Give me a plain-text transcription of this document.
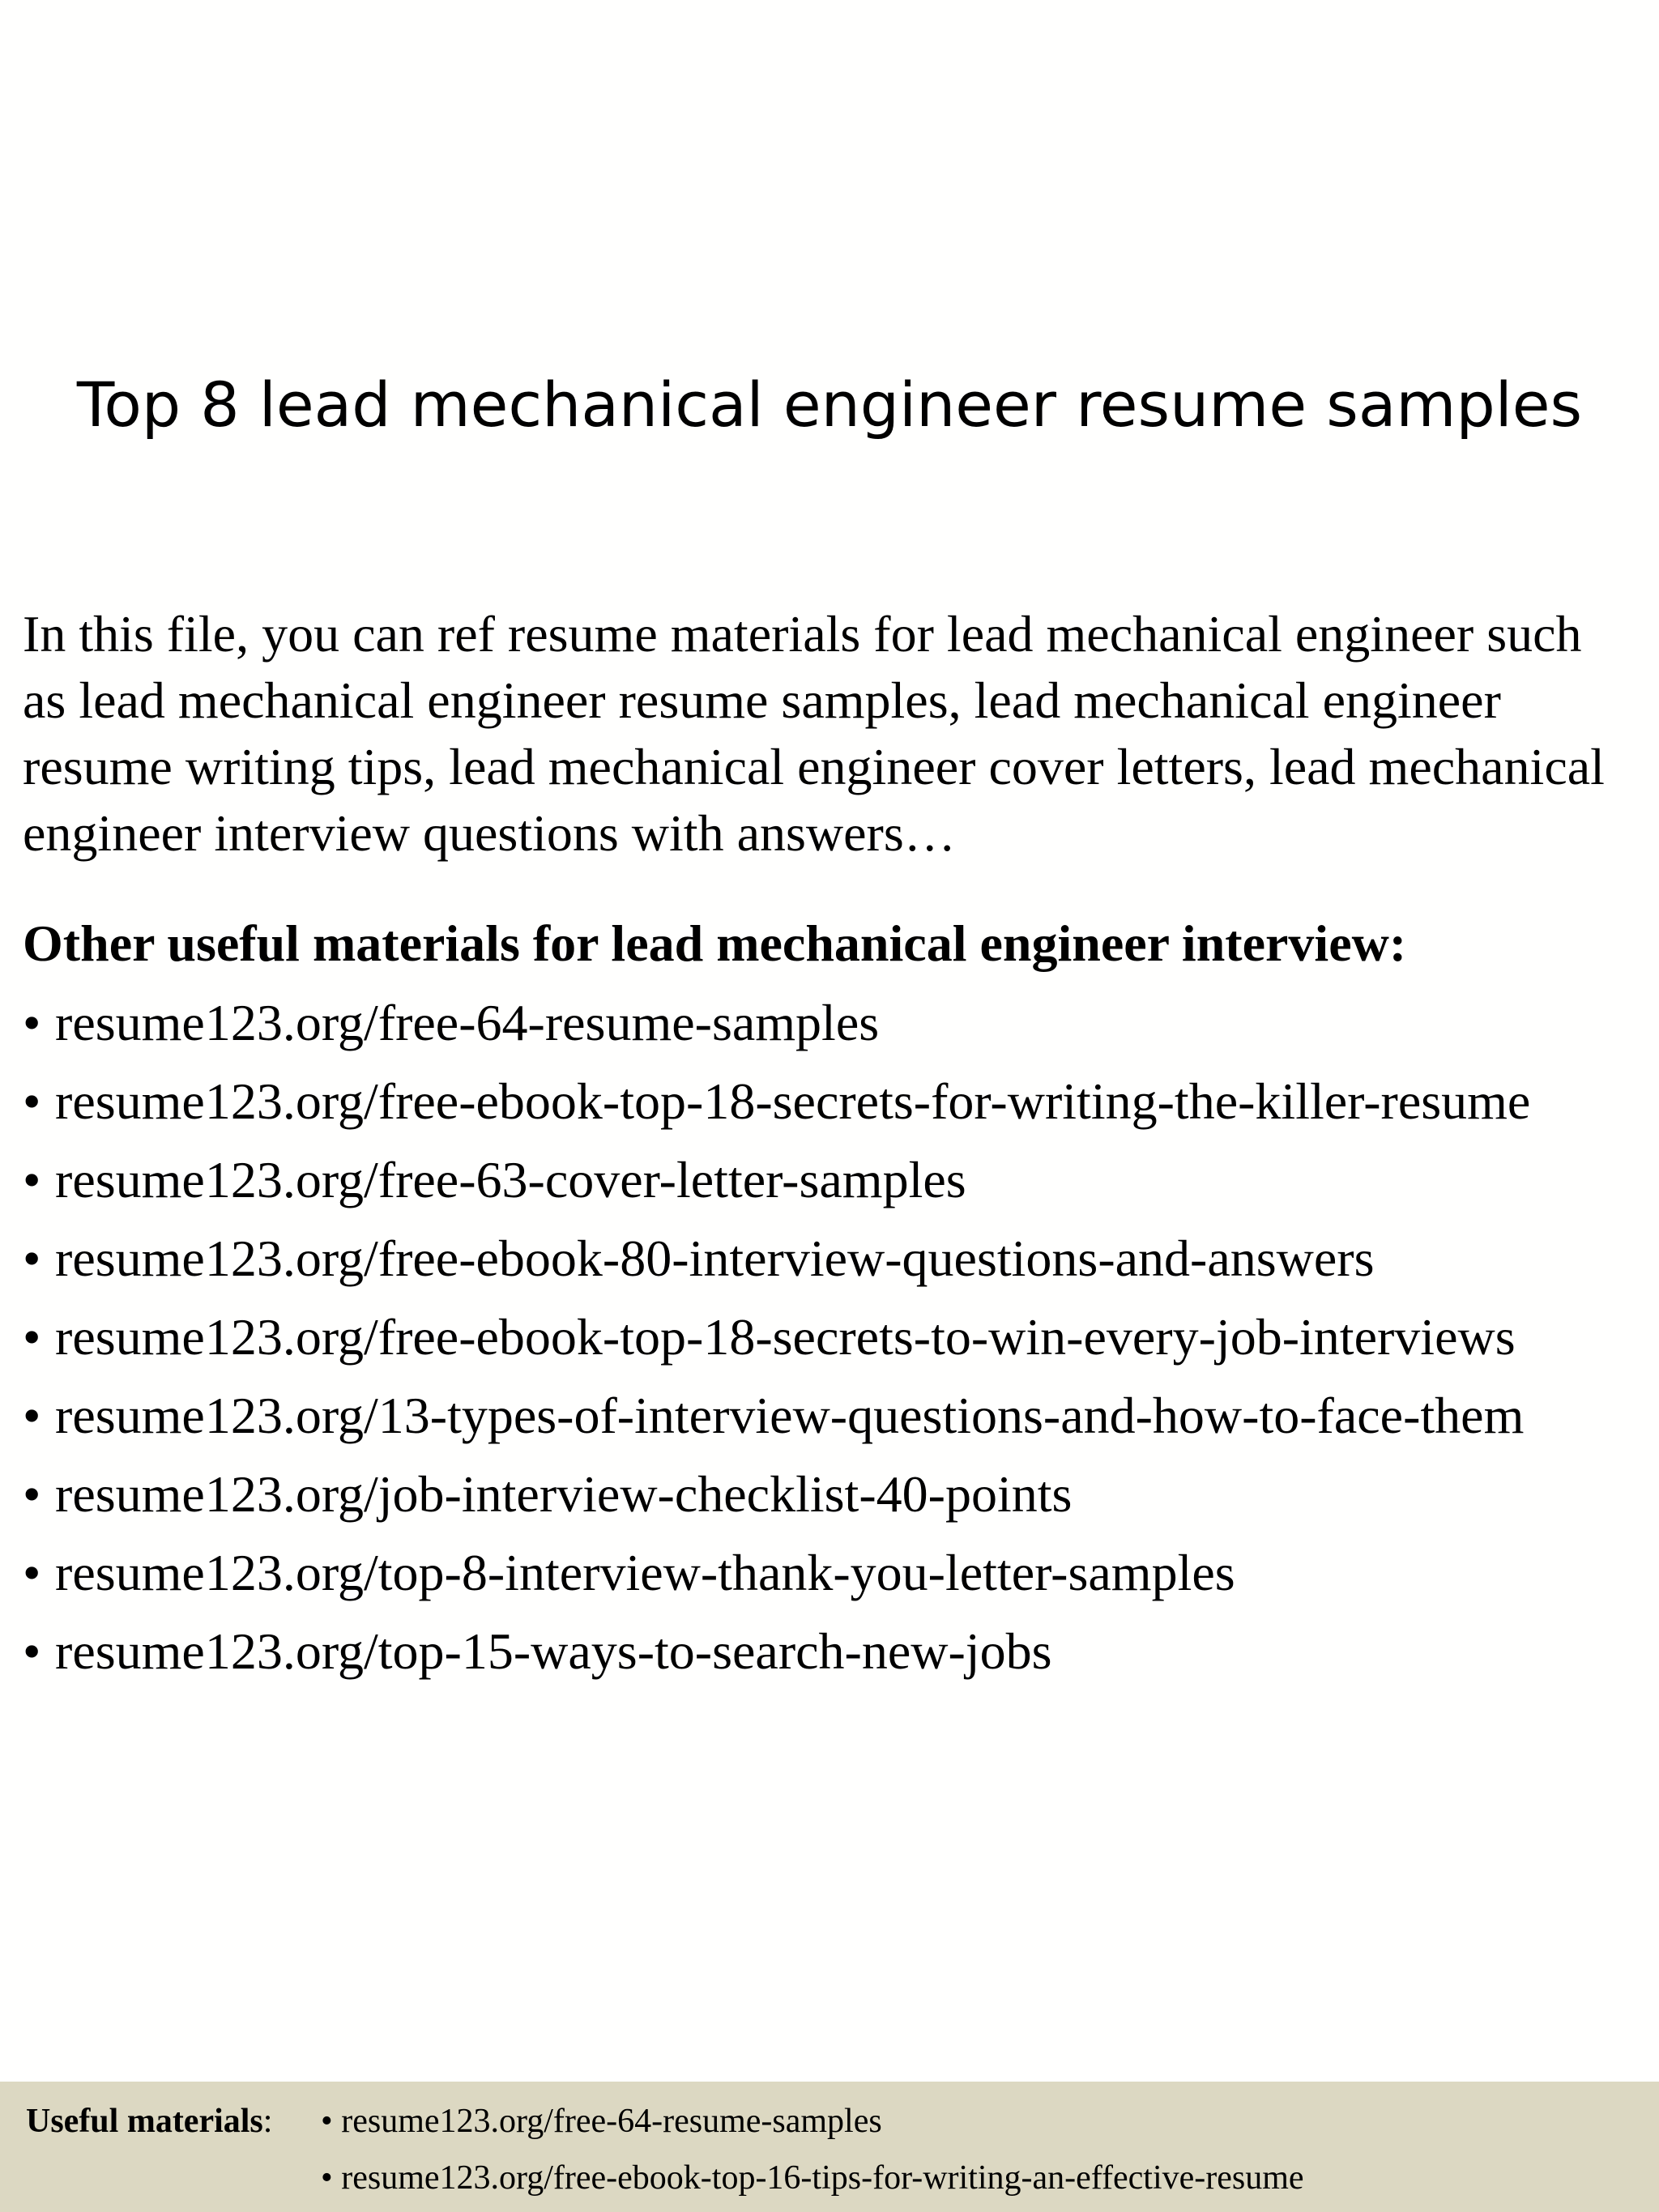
Top 8 lead mechanical engineer resume samples

In this file, you can ref resume materials for lead mechanical engineer such as lead mechanical engineer resume samples, lead mechanical engineer resume writing tips, lead mechanical engineer cover letters, lead mechanical engineer interview questions with answers…

Other useful materials for lead mechanical engineer interview:

• resume123.org/free-64-resume-samples
• resume123.org/free-ebook-top-18-secrets-for-writing-the-killer-resume
• resume123.org/free-63-cover-letter-samples
• resume123.org/free-ebook-80-interview-questions-and-answers
• resume123.org/free-ebook-top-18-secrets-to-win-every-job-interviews
• resume123.org/13-types-of-interview-questions-and-how-to-face-them
• resume123.org/job-interview-checklist-40-points
• resume123.org/top-8-interview-thank-you-letter-samples
• resume123.org/top-15-ways-to-search-new-jobs
Useful materials: • resume123.org/free-64-resume-samples
• resume123.org/free-ebook-top-16-tips-for-writing-an-effective-resume
